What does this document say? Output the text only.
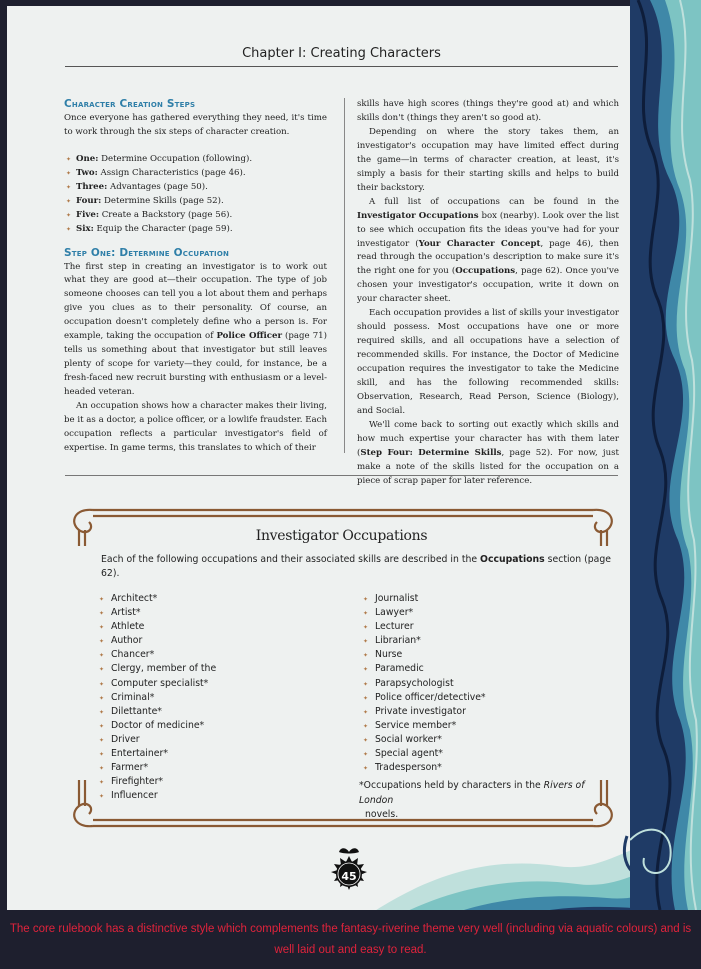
Chapter I: Creating Characters

Character Creation Steps

Once everyone has gathered everything they need, it's time to work through the six steps of character creation.

✦ One: Determine Occupation (following).
✦ Two: Assign Characteristics (page 46).
✦ Three: Advantages (page 50).
✦ Four: Determine Skills (page 52).
✦ Five: Create a Backstory (page 56).
✦ Six: Equip the Character (page 59).

Step One: Determine Occupation

The first step in creating an investigator is to work out what they are good at—their occupation. The type of job someone chooses can tell you a lot about them and perhaps give you clues as to their personality. Of course, an occupation doesn't completely define who a person is. For example, taking the occupation of Police Officer (page 71) tells us something about that investigator but still leaves plenty of scope for variety—they could, for instance, be a fresh-faced new recruit bursting with enthusiasm or a level-headed veteran.

An occupation shows how a character makes their living, be it as a doctor, a police officer, or a lowlife fraudster. Each occupation reflects a particular investigator's field of expertise. In game terms, this translates to which of their

skills have high scores (things they're good at) and which skills don't (things they aren't so good at).

Depending on where the story takes them, an investigator's occupation may have limited effect during the game—in terms of character creation, at least, it's simply a basis for their starting skills and helps to build their backstory.

A full list of occupations can be found in the Investigator Occupations box (nearby). Look over the list to see which occupation fits the ideas you've had for your investigator (Your Character Concept, page 46), then read through the occupation's description to make sure it's the right one for you (Occupations, page 62). Once you've chosen your investigator's occupation, write it down on your character sheet.

Each occupation provides a list of skills your investigator should possess. Most occupations have one or more required skills, and all occupations have a selection of recommended skills. For instance, the Doctor of Medicine occupation requires the investigator to take the Medicine skill, and has the following recommended skills: Observation, Research, Read Person, Science (Biology), and Social.

We'll come back to sorting out exactly which skills and how much expertise your character has with them later (Step Four: Determine Skills, page 52). For now, just make a note of the skills listed for the occupation on a piece of scrap paper for later reference.

Investigator Occupations
Each of the following occupations and their associated skills are described in the Occupations section (page 62).
✦ Architect*
✦ Artist*
✦ Athlete
✦ Author
✦ Chancer*
✦ Clergy, member of the
✦ Computer specialist*
✦ Criminal*
✦ Dilettante*
✦ Doctor of medicine*
✦ Driver
✦ Entertainer*
✦ Farmer*
✦ Firefighter*
✦ Influencer
✦ Journalist
✦ Lawyer*
✦ Lecturer
✦ Librarian*
✦ Nurse
✦ Paramedic
✦ Parapsychologist
✦ Police officer/detective*
✦ Private investigator
✦ Service member*
✦ Social worker*
✦ Special agent*
✦ Tradesperson*
*Occupations held by characters in the Rivers of London
novels.
45
The core rulebook has a distinctive style which complements the fantasy-riverine theme very well (including via aquatic colours) and is well laid out and easy to read.
